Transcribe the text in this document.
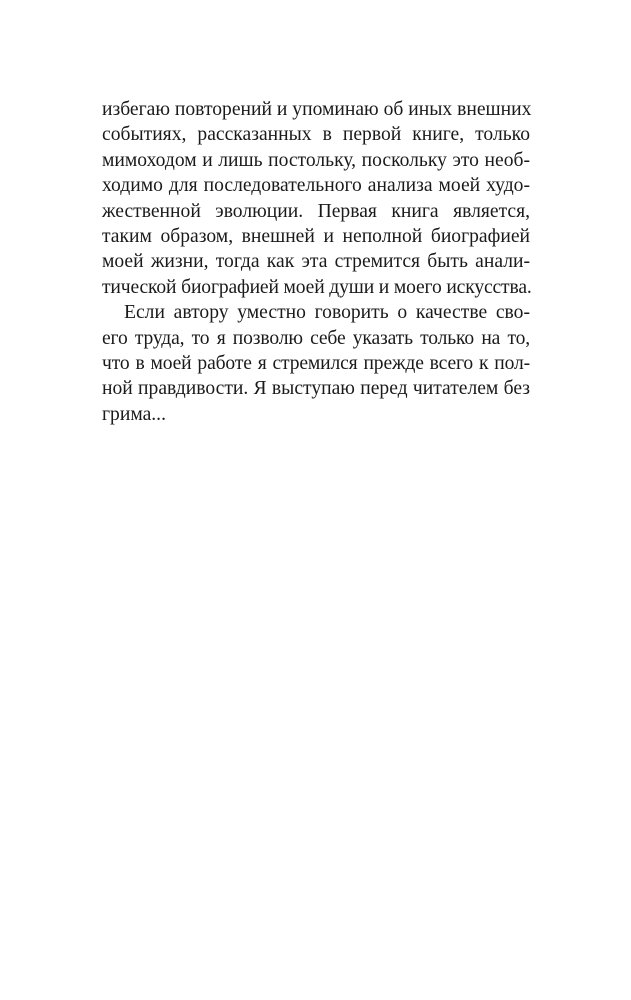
избегаю повторений и упоминаю об иных внешних
событиях, рассказанных в первой книге, только
мимоходом и лишь постольку, поскольку это необ-
ходимо для последовательного анализа моей худо-
жественной эволюции. Первая книга является,
таким образом, внешней и неполной биографией
моей жизни, тогда как эта стремится быть анали-
тической биографией моей души и моего искусства.
Если автору уместно говорить о качестве сво-
его труда, то я позволю себе указать только на то,
что в моей работе я стремился прежде всего к пол-
ной правдивости. Я выступаю перед читателем без
грима...
